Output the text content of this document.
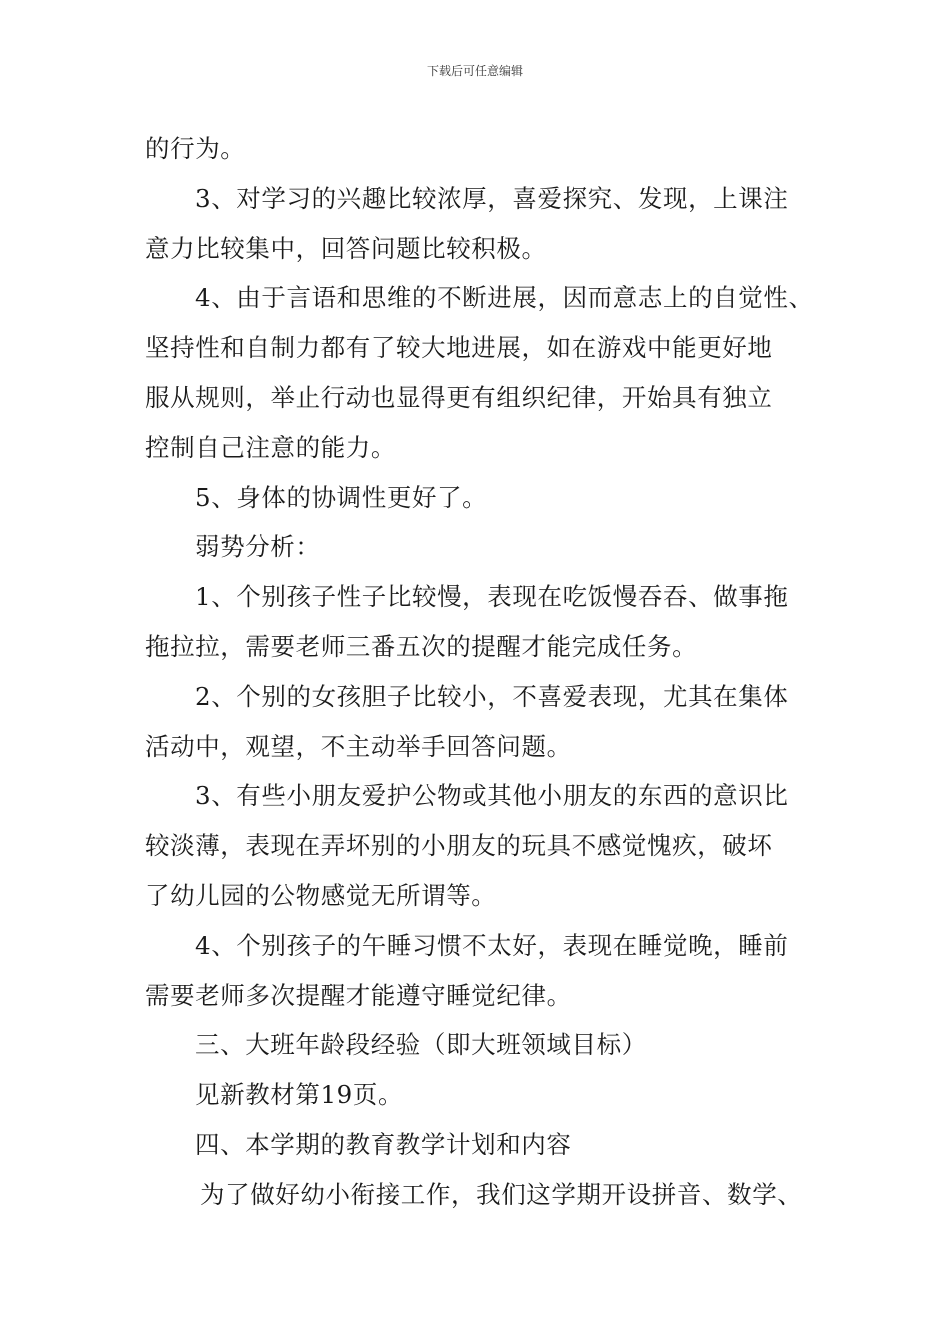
下载后可任意编辑
的行为。
3、对学习的兴趣比较浓厚，喜爱探究、发现，上课注
意力比较集中，回答问题比较积极。
4、由于言语和思维的不断进展，因而意志上的自觉性、
坚持性和自制力都有了较大地进展，如在游戏中能更好地
服从规则，举止行动也显得更有组织纪律，开始具有独立
控制自己注意的能力。
5、身体的协调性更好了。
弱势分析：
1、个别孩子性子比较慢，表现在吃饭慢吞吞、做事拖
拖拉拉，需要老师三番五次的提醒才能完成任务。
2、个别的女孩胆子比较小，不喜爱表现，尤其在集体
活动中，观望，不主动举手回答问题。
3、有些小朋友爱护公物或其他小朋友的东西的意识比
较淡薄，表现在弄坏别的小朋友的玩具不感觉愧疚，破坏
了幼儿园的公物感觉无所谓等。
4、个别孩子的午睡习惯不太好，表现在睡觉晚，睡前
需要老师多次提醒才能遵守睡觉纪律。
三、大班年龄段经验（即大班领域目标）
见新教材第19页。
四、本学期的教育教学计划和内容
为了做好幼小衔接工作，我们这学期开设拼音、数学、
